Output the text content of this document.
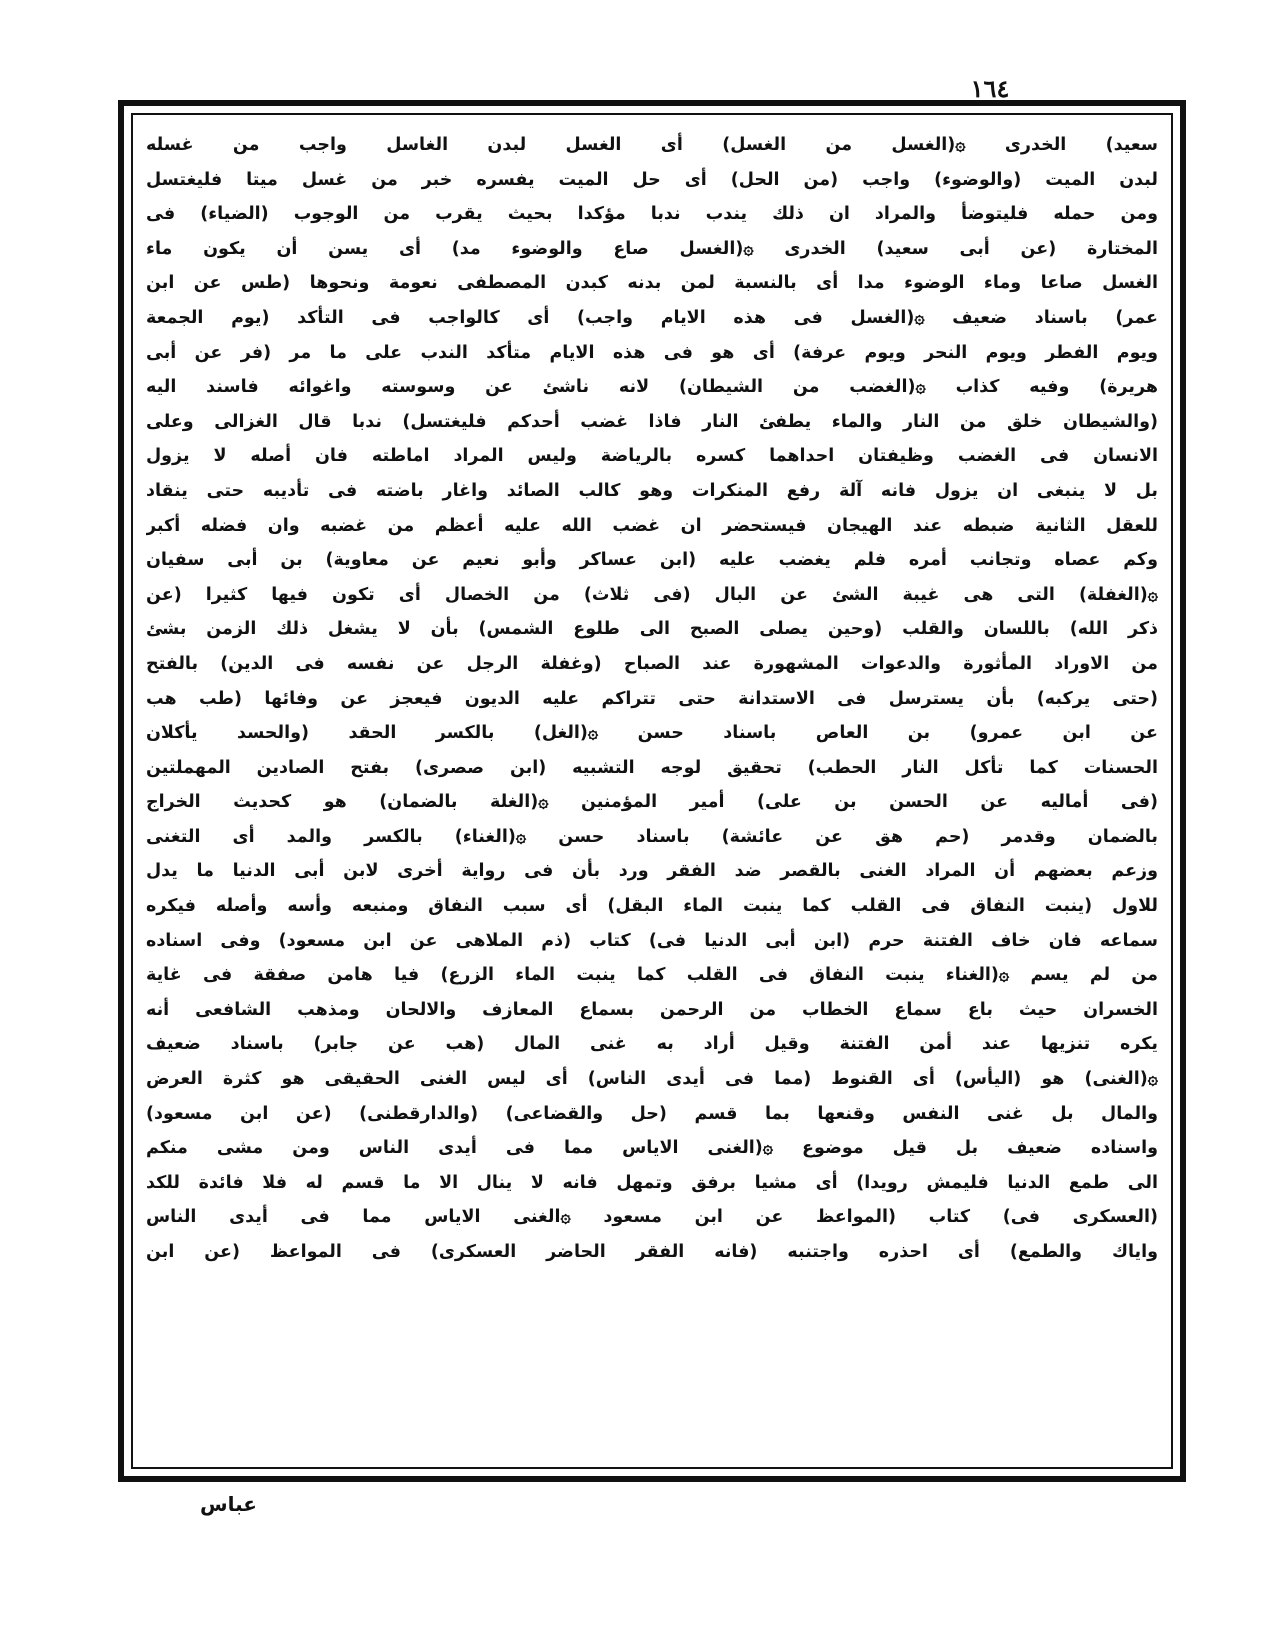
١٦٤
سعيد) الخدرى ۞(الغسل من الغسل) أى الغسل لبدن الغاسل واجب من غسله
لبدن الميت (والوضوء) واجب (من الحل) أى حل الميت يفسره خبر من غسل ميتا فليغتسل
ومن حمله فليتوضأ والمراد ان ذلك يندب ندبا مؤكدا بحيث يقرب من الوجوب (الضياء) فى
المختارة (عن أبى سعيد) الخدرى ۞(الغسل صاع والوضوء مد) أى يسن أن يكون ماء
الغسل صاعا وماء الوضوء مدا أى بالنسبة لمن بدنه كبدن المصطفى نعومة ونحوها (طس عن ابن
عمر) باسناد ضعيف ۞(الغسل فى هذه الايام واجب) أى كالواجب فى التأكد (يوم الجمعة
ويوم الفطر ويوم النحر ويوم عرفة) أى هو فى هذه الايام متأكد الندب على ما مر (فر عن أبى
هريرة) وفيه كذاب ۞(الغضب من الشيطان) لانه ناشئ عن وسوسته واغوائه فاسند اليه
(والشيطان خلق من النار والماء يطفئ النار فاذا غضب أحدكم فليغتسل) ندبا قال الغزالى وعلى
الانسان فى الغضب وظيفتان احداهما كسره بالرياضة وليس المراد اماطته فان أصله لا يزول
بل لا ينبغى ان يزول فانه آلة رفع المنكرات وهو كالب الصائد واغار باضته فى تأديبه حتى ينقاد
للعقل الثانية ضبطه عند الهيجان فيستحضر ان غضب الله عليه أعظم من غضبه وان فضله أكبر
وكم عصاه وتجانب أمره فلم يغضب عليه (ابن عساكر وأبو نعيم عن معاوية) بن أبى سفيان
۞(الغفلة) التى هى غيبة الشئ عن البال (فى ثلاث) من الخصال أى تكون فيها كثيرا (عن
ذكر الله) باللسان والقلب (وحين يصلى الصبح الى طلوع الشمس) بأن لا يشغل ذلك الزمن بشئ
من الاوراد المأثورة والدعوات المشهورة عند الصباح (وغفلة الرجل عن نفسه فى الدين) بالفتح
(حتى يركبه) بأن يسترسل فى الاستدانة حتى تتراكم عليه الديون فيعجز عن وفائها (طب هب
عن ابن عمرو) بن العاص باسناد حسن ۞(الغل) بالكسر الحقد (والحسد يأكلان
الحسنات كما تأكل النار الحطب) تحقيق لوجه التشبيه (ابن صصرى) بفتح الصادين المهملتين
(فى أماليه عن الحسن بن على) أمير المؤمنين ۞(الغلة بالضمان) هو كحديث الخراج
بالضمان وقدمر (حم هق عن عائشة) باسناد حسن ۞(الغناء) بالكسر والمد أى التغنى
وزعم بعضهم أن المراد الغنى بالقصر ضد الفقر ورد بأن فى رواية أخرى لابن أبى الدنيا ما يدل
للاول (ينبت النفاق فى القلب كما ينبت الماء البقل) أى سبب النفاق ومنبعه وأسه وأصله فيكره
سماعه فان خاف الفتنة حرم (ابن أبى الدنيا فى) كتاب (ذم الملاهى عن ابن مسعود) وفى اسناده
من لم يسم ۞(الغناء ينبت النفاق فى القلب كما ينبت الماء الزرع) فيا هامن صفقة فى غاية
الخسران حيث باع سماع الخطاب من الرحمن بسماع المعازف والالحان ومذهب الشافعى أنه
يكره تنزيها عند أمن الفتنة وقيل أراد به غنى المال (هب عن جابر) باسناد ضعيف
۞(الغنى) هو (اليأس) أى القنوط (مما فى أيدى الناس) أى ليس الغنى الحقيقى هو كثرة العرض
والمال بل غنى النفس وقنعها بما قسم (حل والقضاعى) (والدارقطنى) (عن ابن مسعود)
واسناده ضعيف بل قيل موضوع ۞(الغنى الاياس مما فى أيدى الناس ومن مشى منكم
الى طمع الدنيا فليمش رويدا) أى مشيا برفق وتمهل فانه لا ينال الا ما قسم له فلا فائدة للكد
(العسكرى فى) كتاب (المواعظ عن ابن مسعود ۞الغنى الاياس مما فى أيدى الناس
واياك والطمع) أى احذره واجتنبه (فانه الفقر الحاضر العسكرى) فى المواعظ (عن ابن
عباس
